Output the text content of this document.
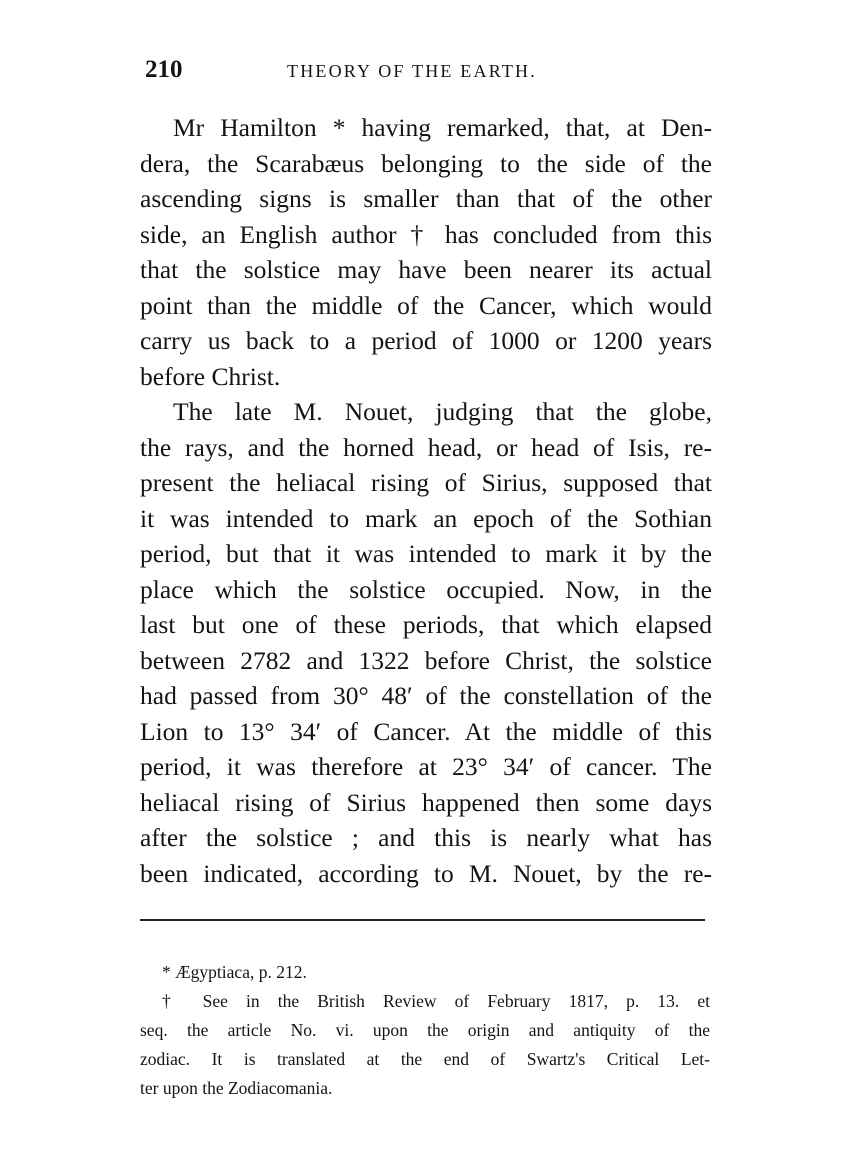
210	THEORY OF THE EARTH.
Mr Hamilton * having remarked, that, at Den-
dera, the Scarabæus belonging to the side of the
ascending signs is smaller than that of the other
side, an English author † has concluded from this
that the solstice may have been nearer its actual
point than the middle of the Cancer, which would
carry us back to a period of 1000 or 1200 years
before Christ.
The late M. Nouet, judging that the globe,
the rays, and the horned head, or head of Isis, re-
present the heliacal rising of Sirius, supposed that
it was intended to mark an epoch of the Sothian
period, but that it was intended to mark it by the
place which the solstice occupied. Now, in the
last but one of these periods, that which elapsed
between 2782 and 1322 before Christ, the solstice
had passed from 30° 48′ of the constellation of the
Lion to 13° 34′ of Cancer. At the middle of this
period, it was therefore at 23° 34′ of cancer. The
heliacal rising of Sirius happened then some days
after the solstice ; and this is nearly what has
been indicated, according to M. Nouet, by the re-
* Ægyptiaca, p. 212.
† See in the British Review of February 1817, p. 13. et
seq. the article No. vi. upon the origin and antiquity of the
zodiac. It is translated at the end of Swartz's Critical Let-
ter upon the Zodiacomania.
